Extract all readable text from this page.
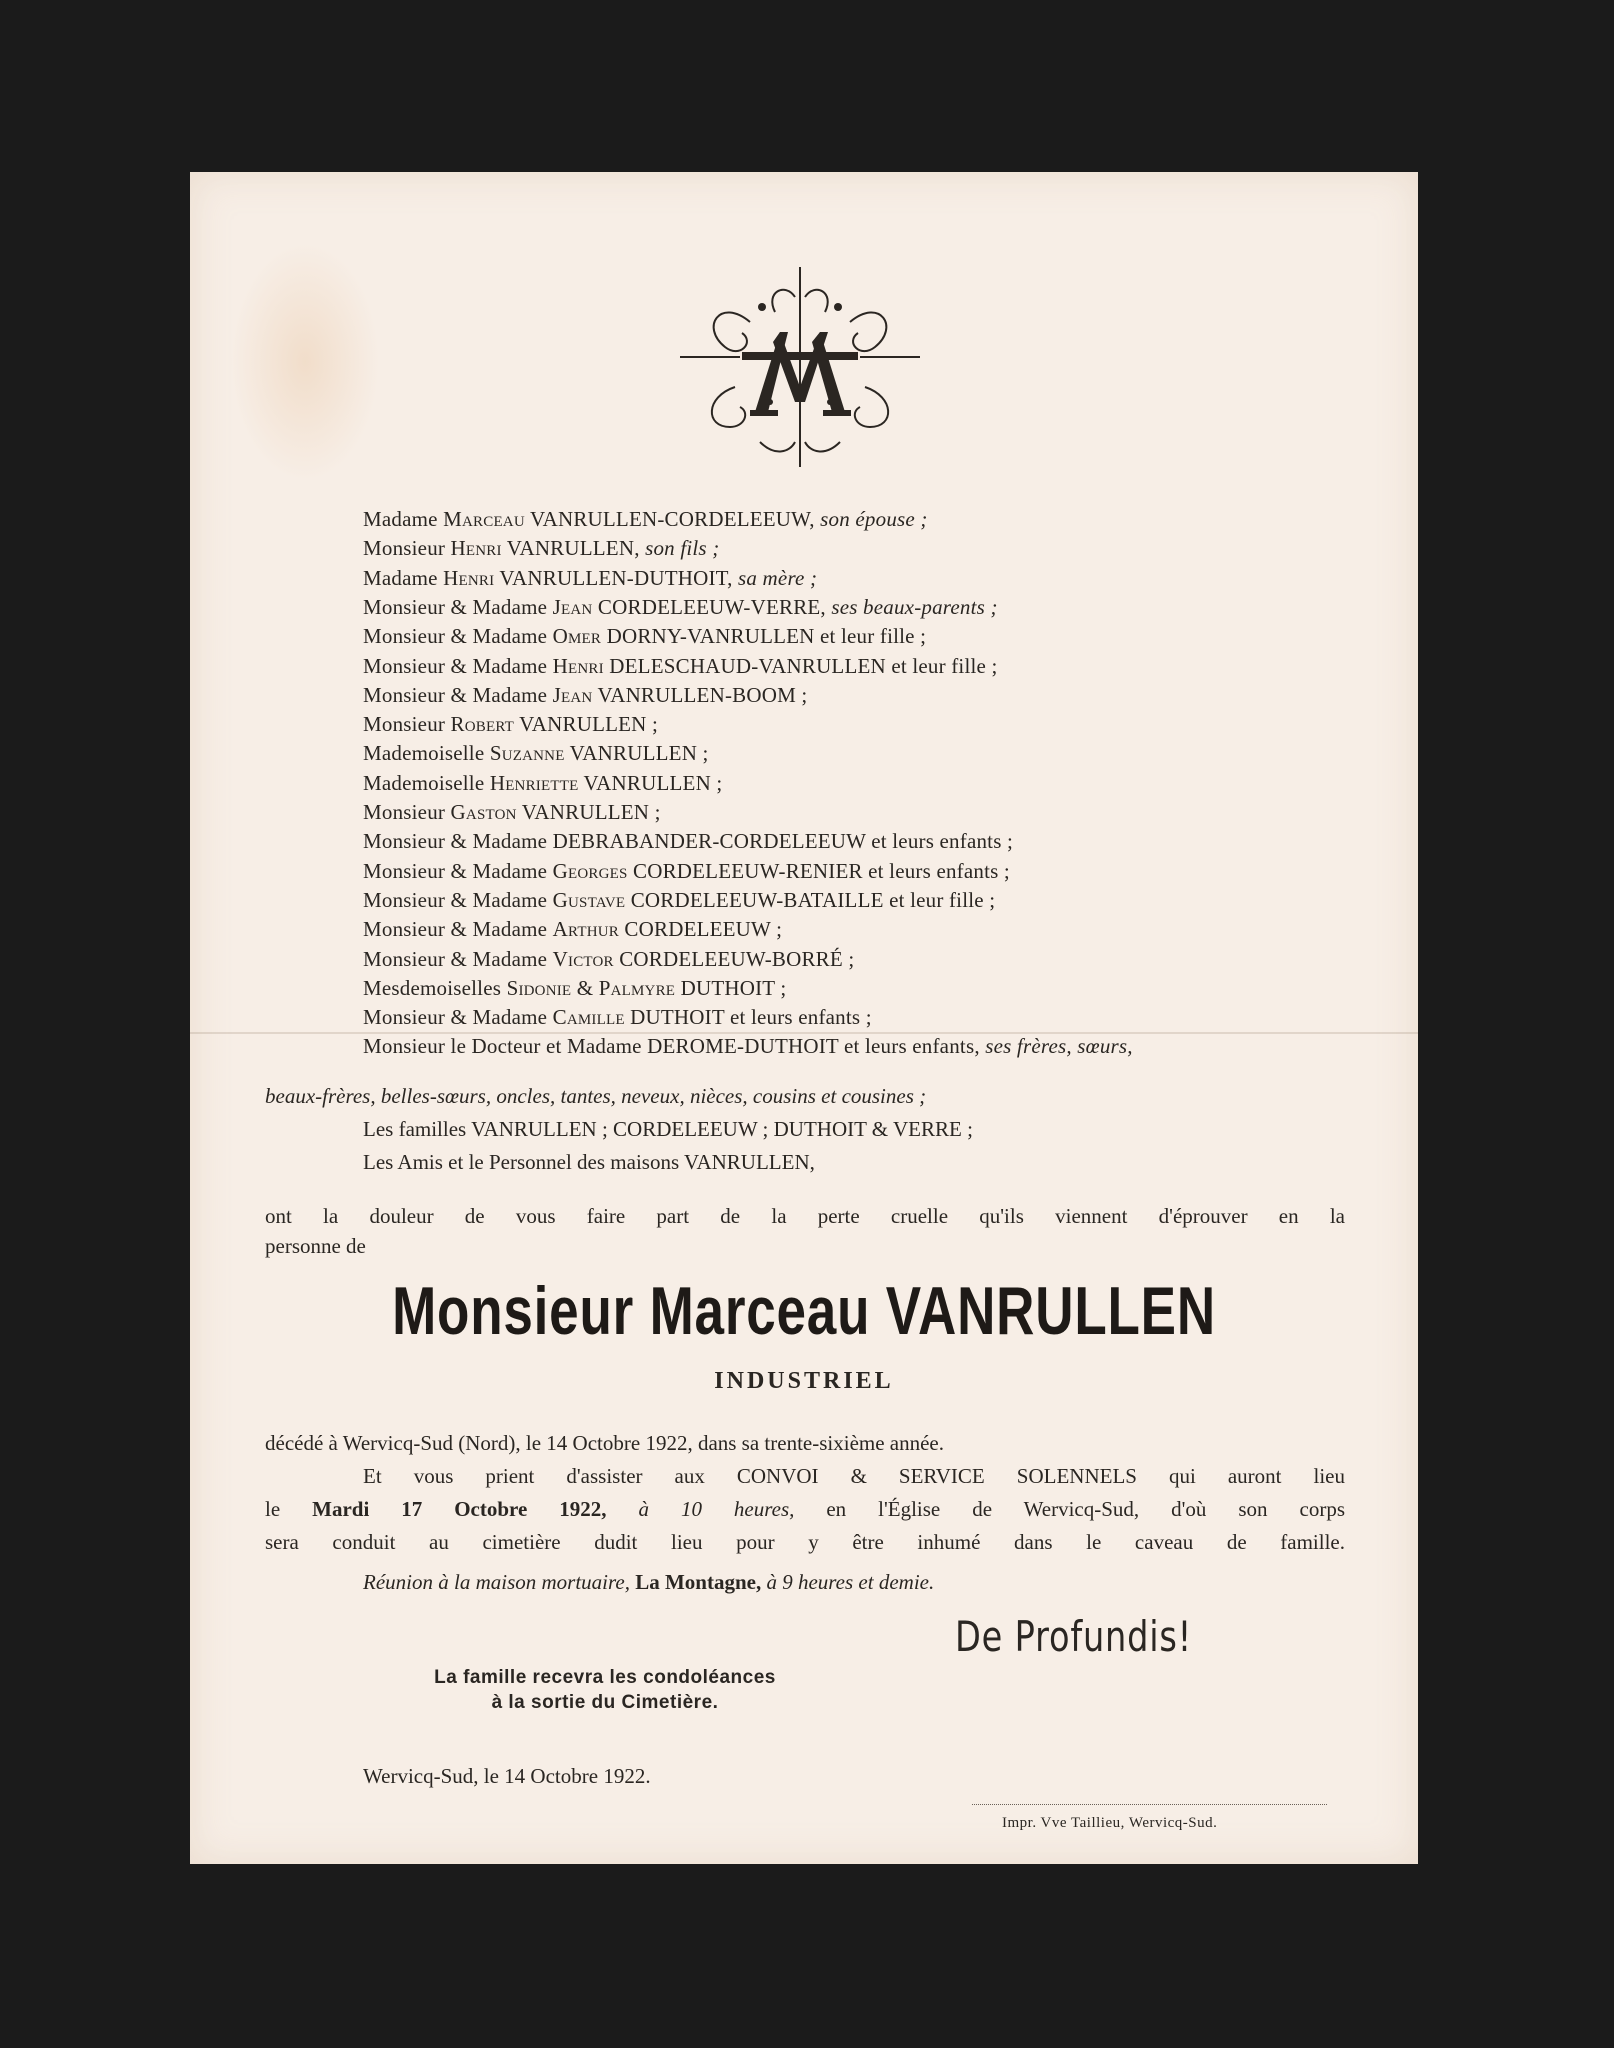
Madame Marceau VANRULLEN-CORDELEEUW, son épouse ;
Monsieur Henri VANRULLEN, son fils ;
Madame Henri VANRULLEN-DUTHOIT, sa mère ;
Monsieur & Madame Jean CORDELEEUW-VERRE, ses beaux-parents ;
Monsieur & Madame Omer DORNY-VANRULLEN et leur fille ;
Monsieur & Madame Henri DELESCHAUD-VANRULLEN et leur fille ;
Monsieur & Madame Jean VANRULLEN-BOOM ;
Monsieur Robert VANRULLEN ;
Mademoiselle Suzanne VANRULLEN ;
Mademoiselle Henriette VANRULLEN ;
Monsieur Gaston VANRULLEN ;
Monsieur & Madame DEBRABANDER-CORDELEEUW et leurs enfants ;
Monsieur & Madame Georges CORDELEEUW-RENIER et leurs enfants ;
Monsieur & Madame Gustave CORDELEEUW-BATAILLE et leur fille ;
Monsieur & Madame Arthur CORDELEEUW ;
Monsieur & Madame Victor CORDELEEUW-BORRÉ ;
Mesdemoiselles Sidonie & Palmyre DUTHOIT ;
Monsieur & Madame Camille DUTHOIT et leurs enfants ;
Monsieur le Docteur et Madame DEROME-DUTHOIT et leurs enfants, ses frères, sœurs,
beaux-frères, belles-sœurs, oncles, tantes, neveux, nièces, cousins et cousines ;
Les familles VANRULLEN ; CORDELEEUW ; DUTHOIT & VERRE ;
Les Amis et le Personnel des maisons VANRULLEN,
ont la douleur de vous faire part de la perte cruelle qu'ils viennent d'éprouver en la
personne de
Monsieur Marceau VANRULLEN
INDUSTRIEL
décédé à Wervicq-Sud (Nord), le 14 Octobre 1922, dans sa trente-sixième année.
Et vous prient d'assister aux CONVOI & SERVICE SOLENNELS qui auront lieu
le Mardi 17 Octobre 1922, à 10 heures, en l'Église de Wervicq-Sud, d'où son corps
sera conduit au cimetière dudit lieu pour y être inhumé dans le caveau de famille.
Réunion à la maison mortuaire, La Montagne, à 9 heures et demie.
De Profundis!
La famille recevra les condoléances
à la sortie du Cimetière.
Wervicq-Sud, le 14 Octobre 1922.
Impr. Vve Taillieu, Wervicq-Sud.
